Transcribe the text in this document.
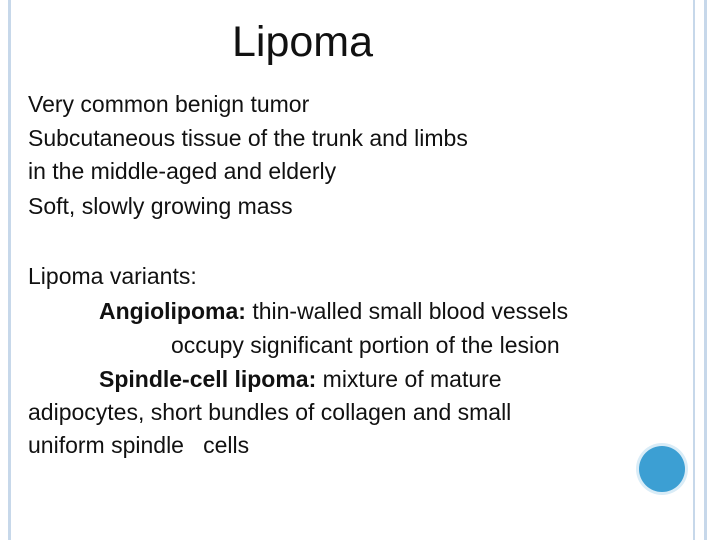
Lipoma

Very common benign tumor

Subcutaneous tissue of the trunk and limbs

in the middle-aged and elderly

Soft, slowly growing mass

Lipoma variants:

Angiolipoma: thin-walled small blood vessels

occupy significant portion of the lesion

Spindle-cell lipoma: mixture of mature

adipocytes, short bundles of collagen and small

uniform spindle   cells
